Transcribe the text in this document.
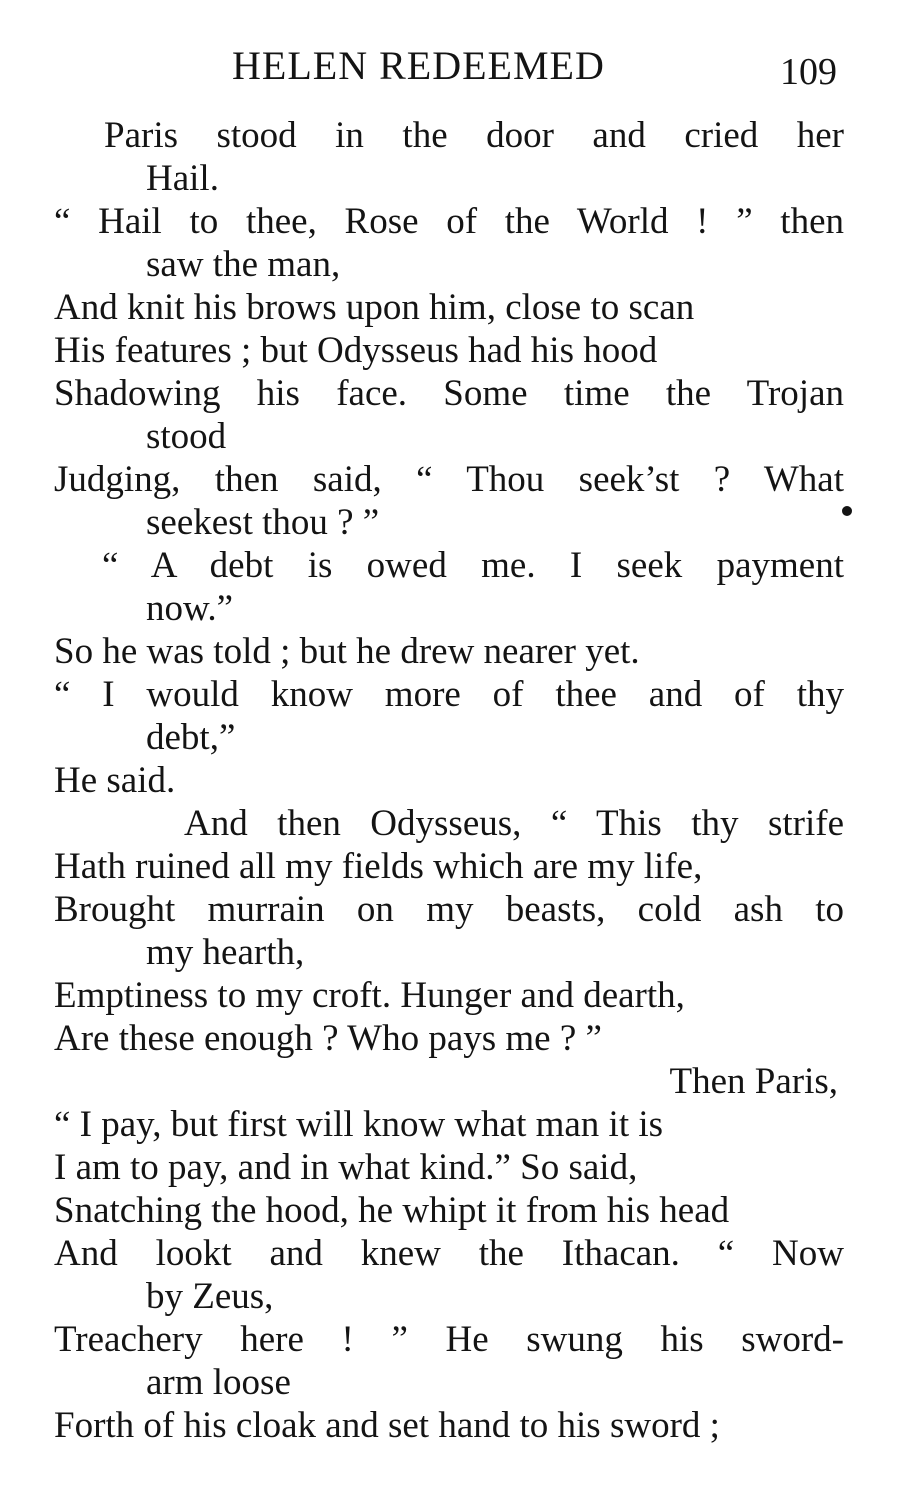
HELEN REDEEMED	109
Paris stood in the door and cried her
Hail.
“ Hail to thee, Rose of the World ! ” then
saw the man,
And knit his brows upon him, close to scan
His features ; but Odysseus had his hood
Shadowing his face. Some time the Trojan
stood
Judging, then said, “ Thou seek’st ? What
seekest thou ? ”
“ A debt is owed me. I seek payment
now.”
So he was told ; but he drew nearer yet.
“ I would know more of thee and of thy
debt,”
He said.
And then Odysseus, “ This thy strife
Hath ruined all my fields which are my life,
Brought murrain on my beasts, cold ash to
my hearth,
Emptiness to my croft. Hunger and dearth,
Are these enough ? Who pays me ? ”
Then Paris,
“ I pay, but first will know what man it is
I am to pay, and in what kind.” So said,
Snatching the hood, he whipt it from his head
And lookt and knew the Ithacan. “ Now
by Zeus,
Treachery here ! ” He swung his sword-
arm loose
Forth of his cloak and set hand to his sword ;
